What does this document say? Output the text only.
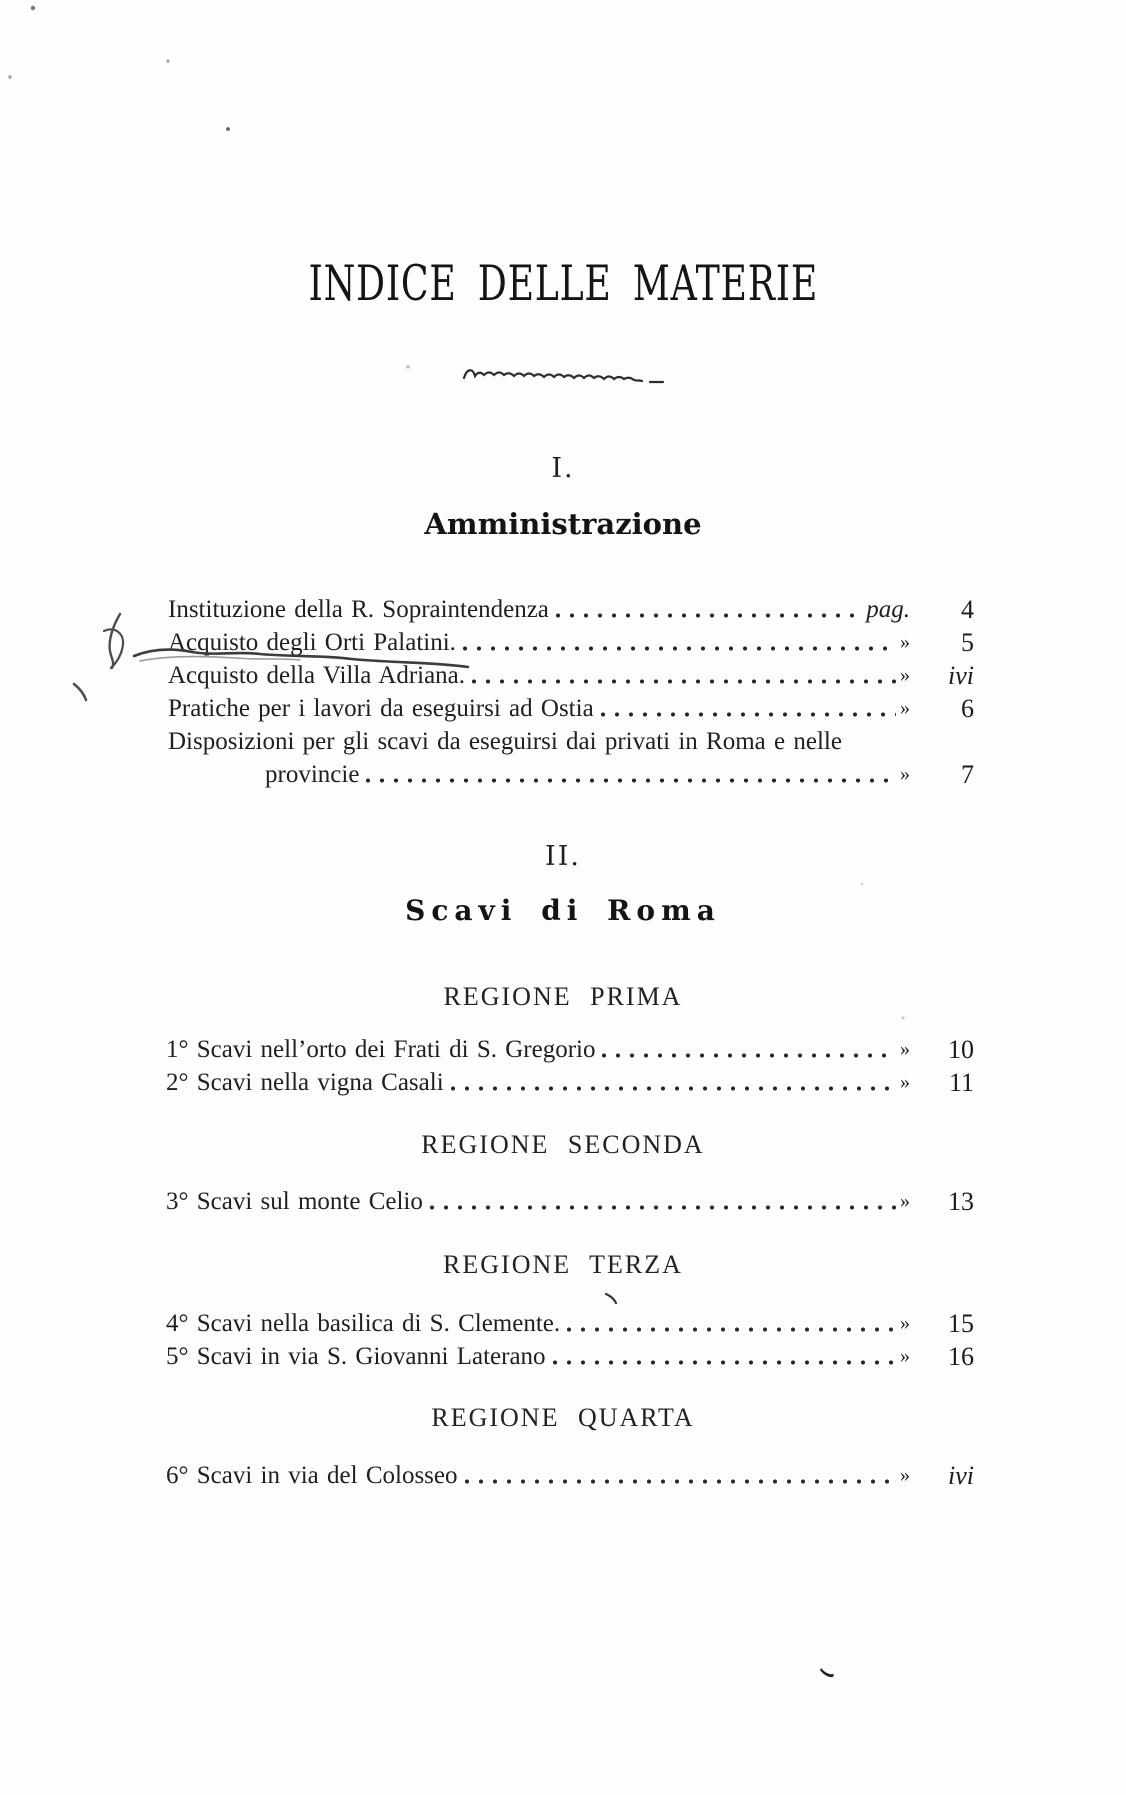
INDICE DELLE MATERIE
I.
Amministrazione
Instituzione della R. Sopraintendenza	pag.	4
Acquisto degli Orti Palatini.	»	5
Acquisto della Villa Adriana.	»	ivi
Pratiche per i lavori da eseguirsi ad Ostia	»	6
Disposizioni per gli scavi da eseguirsi dai privati in Roma e nelle
provincie	»	7
II.
Scavi di Roma
REGIONE PRIMA
1° Scavi nell’orto dei Frati di S. Gregorio	»	10
2° Scavi nella vigna Casali	»	11
REGIONE SECONDA
3° Scavi sul monte Celio	»	13
REGIONE TERZA
4° Scavi nella basilica di S. Clemente.	»	15
5° Scavi in via S. Giovanni Laterano	»	16
REGIONE QUARTA
6° Scavi in via del Colosseo	»	ivi
